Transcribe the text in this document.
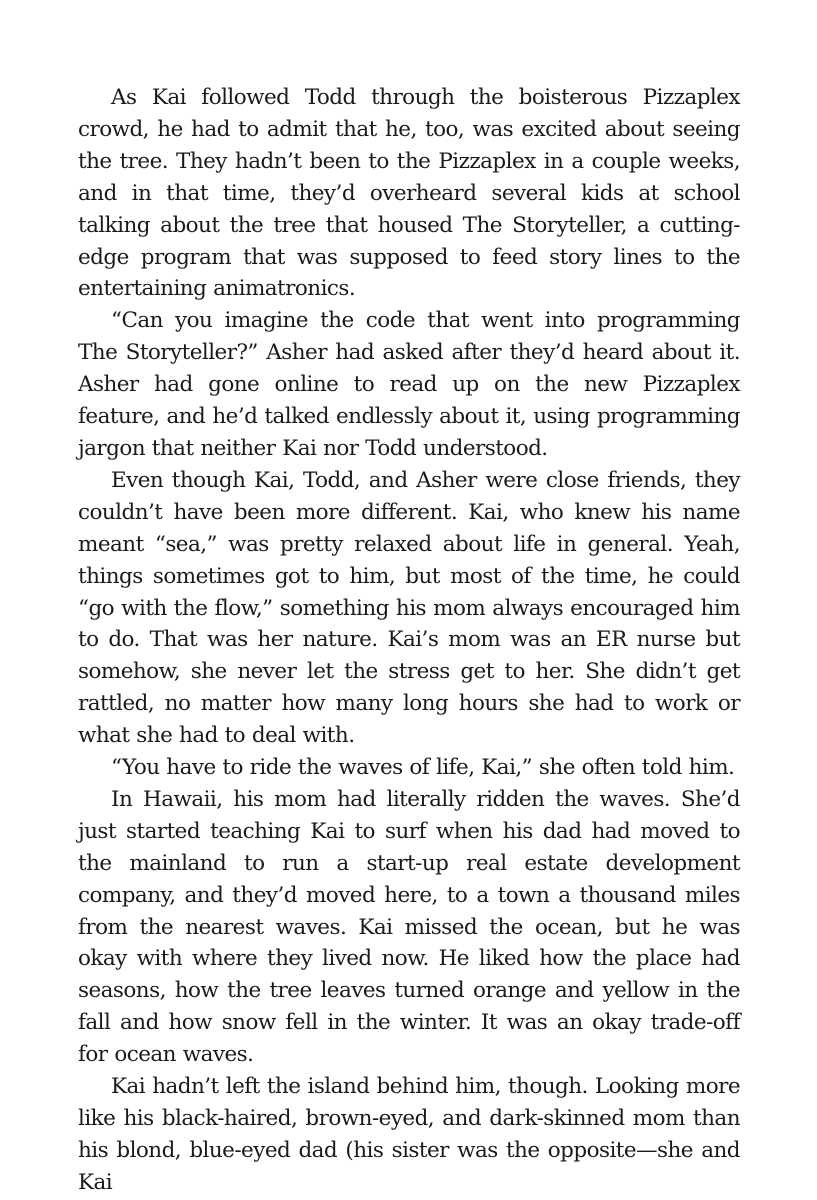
As Kai followed Todd through the boisterous Pizzaplex crowd, he had to admit that he, too, was excited about seeing the tree. They hadn’t been to the Pizzaplex in a couple weeks, and in that time, they’d overheard several kids at school talking about the tree that housed The Storyteller, a cutting-edge program that was supposed to feed story lines to the entertaining animatronics.

“Can you imagine the code that went into programming The Storyteller?” Asher had asked after they’d heard about it. Asher had gone online to read up on the new Pizzaplex feature, and he’d talked endlessly about it, using programming jargon that neither Kai nor Todd understood.

Even though Kai, Todd, and Asher were close friends, they couldn’t have been more different. Kai, who knew his name meant “sea,” was pretty relaxed about life in general. Yeah, things sometimes got to him, but most of the time, he could “go with the flow,” something his mom always encouraged him to do. That was her nature. Kai’s mom was an ER nurse but somehow, she never let the stress get to her. She didn’t get rattled, no matter how many long hours she had to work or what she had to deal with.

“You have to ride the waves of life, Kai,” she often told him.

In Hawaii, his mom had literally ridden the waves. She’d just started teaching Kai to surf when his dad had moved to the mainland to run a start-up real estate development company, and they’d moved here, to a town a thousand miles from the nearest waves. Kai missed the ocean, but he was okay with where they lived now. He liked how the place had seasons, how the tree leaves turned orange and yellow in the fall and how snow fell in the winter. It was an okay trade-off for ocean waves.

Kai hadn’t left the island behind him, though. Looking more like his black-haired, brown-eyed, and dark-skinned mom than his blond, blue-eyed dad (his sister was the opposite—she and Kai
